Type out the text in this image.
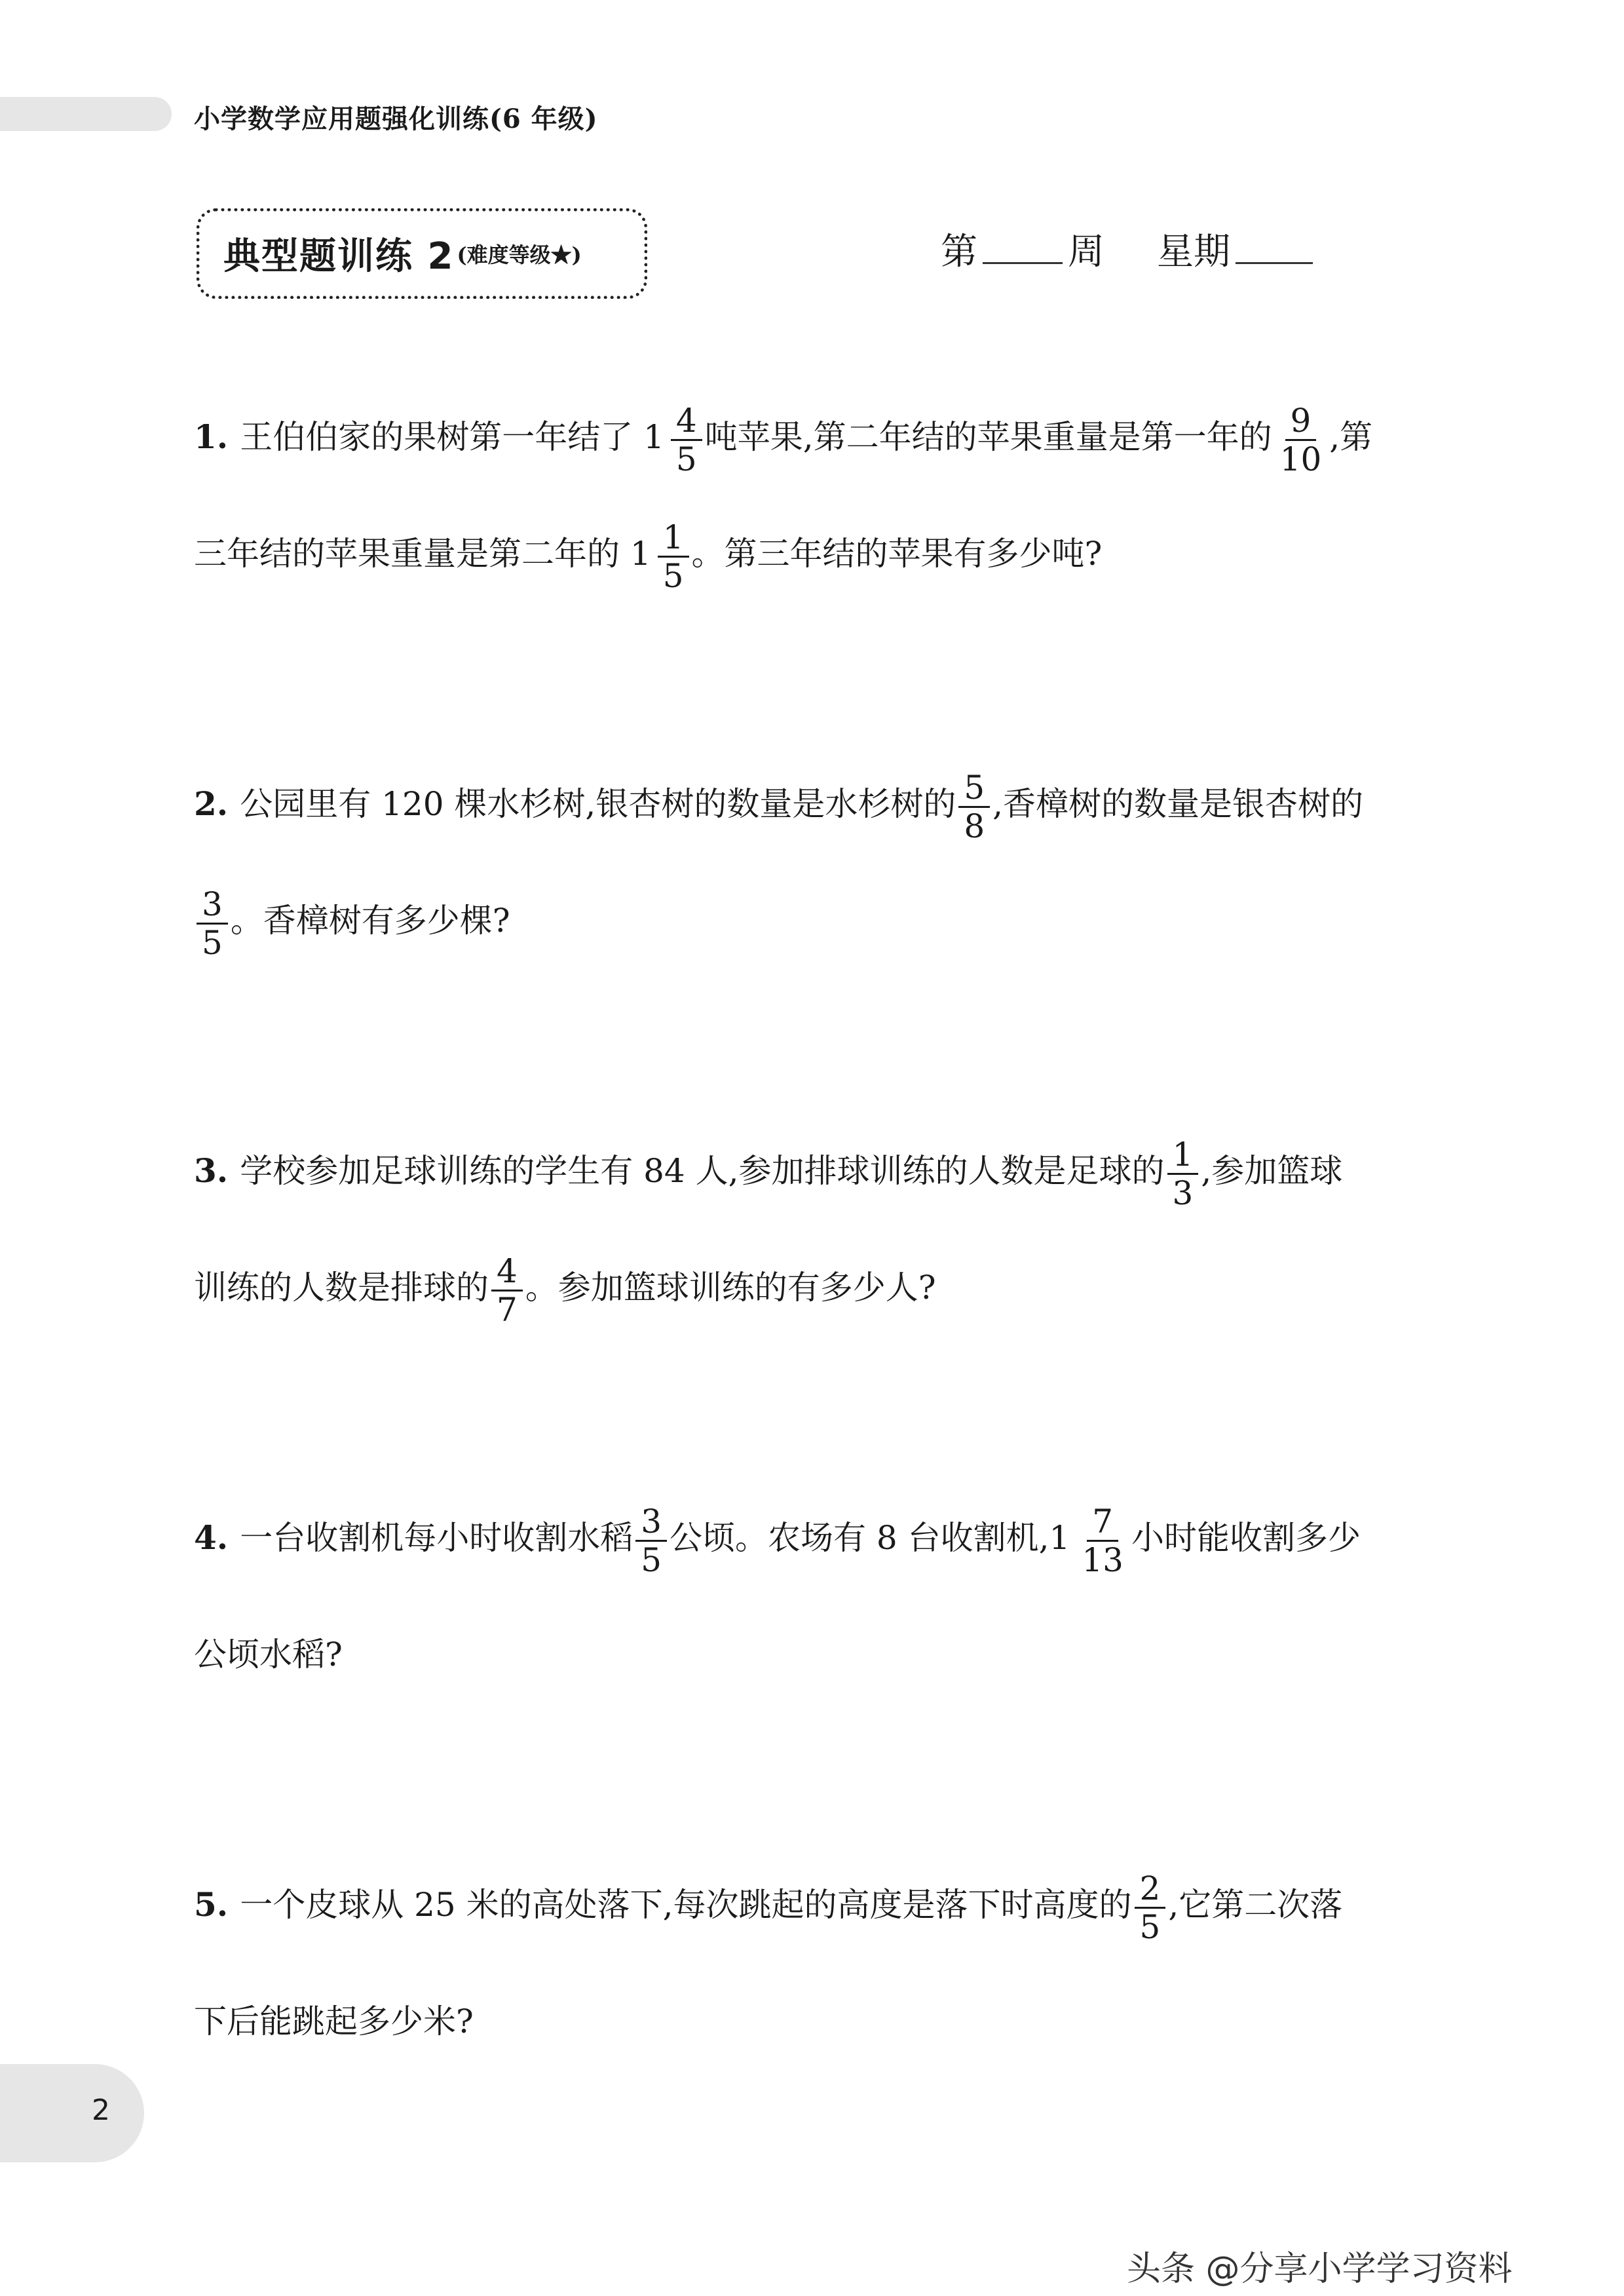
小学数学应用题强化训练(6 年级)
典型题训练 2 (难度等级★)	第 周 星期

1. 王伯伯家的果树第一年结了 $1 \frac{4}{5}$ 吨苹果,第二年结的苹果重量是第一年的 $\frac{9}{10}$ ,第

三年结的苹果重量是第二年的 $1 \frac{1}{5}$ 。第三年结的苹果有多少吨?

2. 公园里有 120 棵水杉树,银杏树的数量是水杉树的 $\frac{5}{8}$ ,香樟树的数量是银杏树的

$\frac{3}{5}$ 。香樟树有多少棵?

3. 学校参加足球训练的学生有 84 人,参加排球训练的人数是足球的 $\frac{1}{3}$ ,参加篮球

训练的人数是排球的 $\frac{4}{7}$ 。参加篮球训练的有多少人?

4. 一台收割机每小时收割水稻 $\frac{3}{5}$ 公顷。农场有 8 台收割机$,1 \frac{7}{13}$ 小时能收割多少

公顷水稻?

5. 一个皮球从 25 米的高处落下,每次跳起的高度是落下时高度的 $\frac{2}{5}$ ,它第二次落

下后能跳起多少米?

2
头条 @分享小学学习资料
